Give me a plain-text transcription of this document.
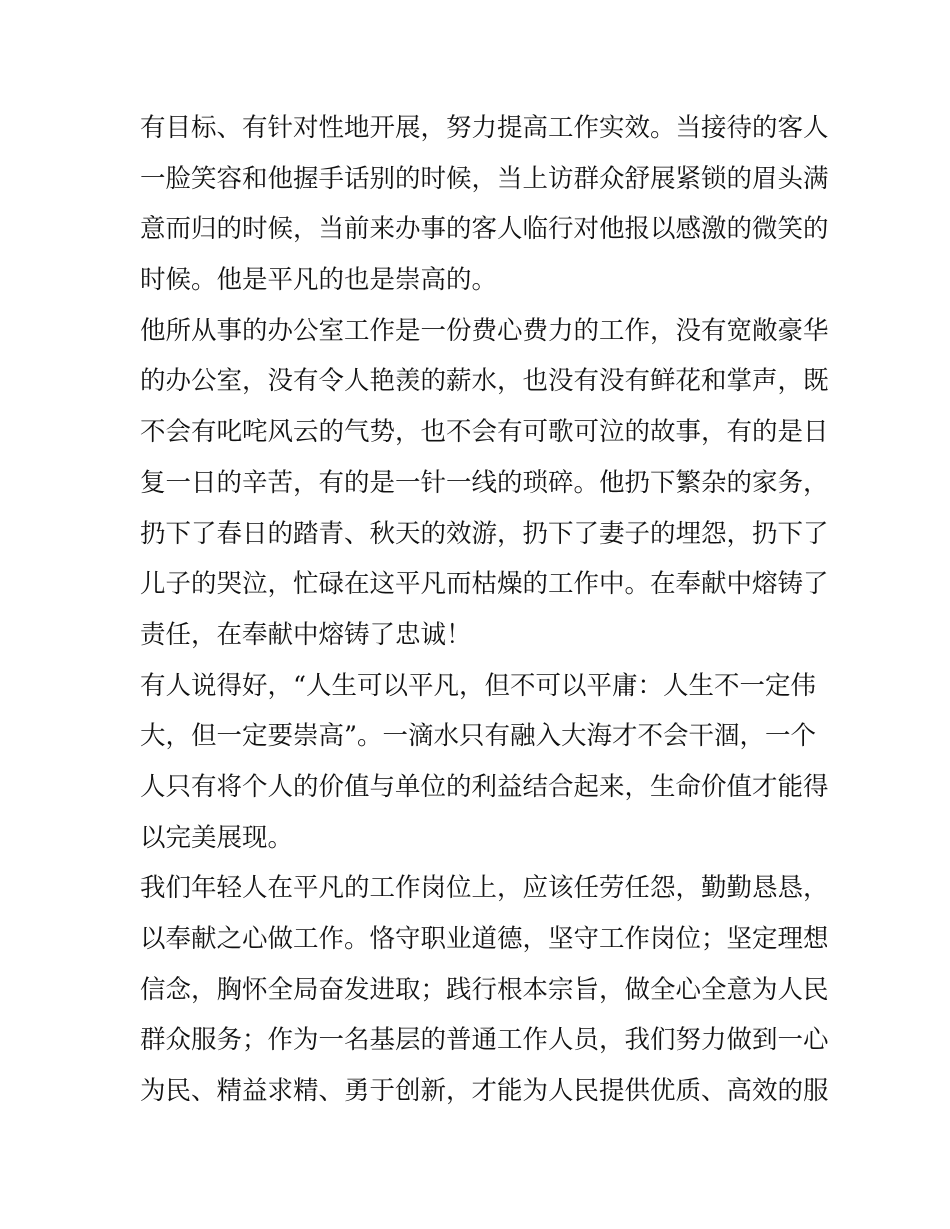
有目标、有针对性地开展，努力提高工作实效。当接待的客人
一脸笑容和他握手话别的时候，当上访群众舒展紧锁的眉头满
意而归的时候，当前来办事的客人临行对他报以感激的微笑的
时候。他是平凡的也是崇高的。
他所从事的办公室工作是一份费心费力的工作，没有宽敞豪华
的办公室，没有令人艳羡的薪水，也没有没有鲜花和掌声，既
不会有叱咤风云的气势，也不会有可歌可泣的故事，有的是日
复一日的辛苦，有的是一针一线的琐碎。他扔下繁杂的家务，
扔下了春日的踏青、秋天的效游，扔下了妻子的埋怨，扔下了
儿子的哭泣，忙碌在这平凡而枯燥的工作中。在奉献中熔铸了
责任，在奉献中熔铸了忠诚！
有人说得好，“人生可以平凡，但不可以平庸：人生不一定伟
大，但一定要崇高”。一滴水只有融入大海才不会干涸，一个
人只有将个人的价值与单位的利益结合起来，生命价值才能得
以完美展现。
我们年轻人在平凡的工作岗位上，应该任劳任怨，勤勤恳恳，
以奉献之心做工作。恪守职业道德，坚守工作岗位；坚定理想
信念，胸怀全局奋发进取；践行根本宗旨，做全心全意为人民
群众服务；作为一名基层的普通工作人员，我们努力做到一心
为民、精益求精、勇于创新，才能为人民提供优质、高效的服
